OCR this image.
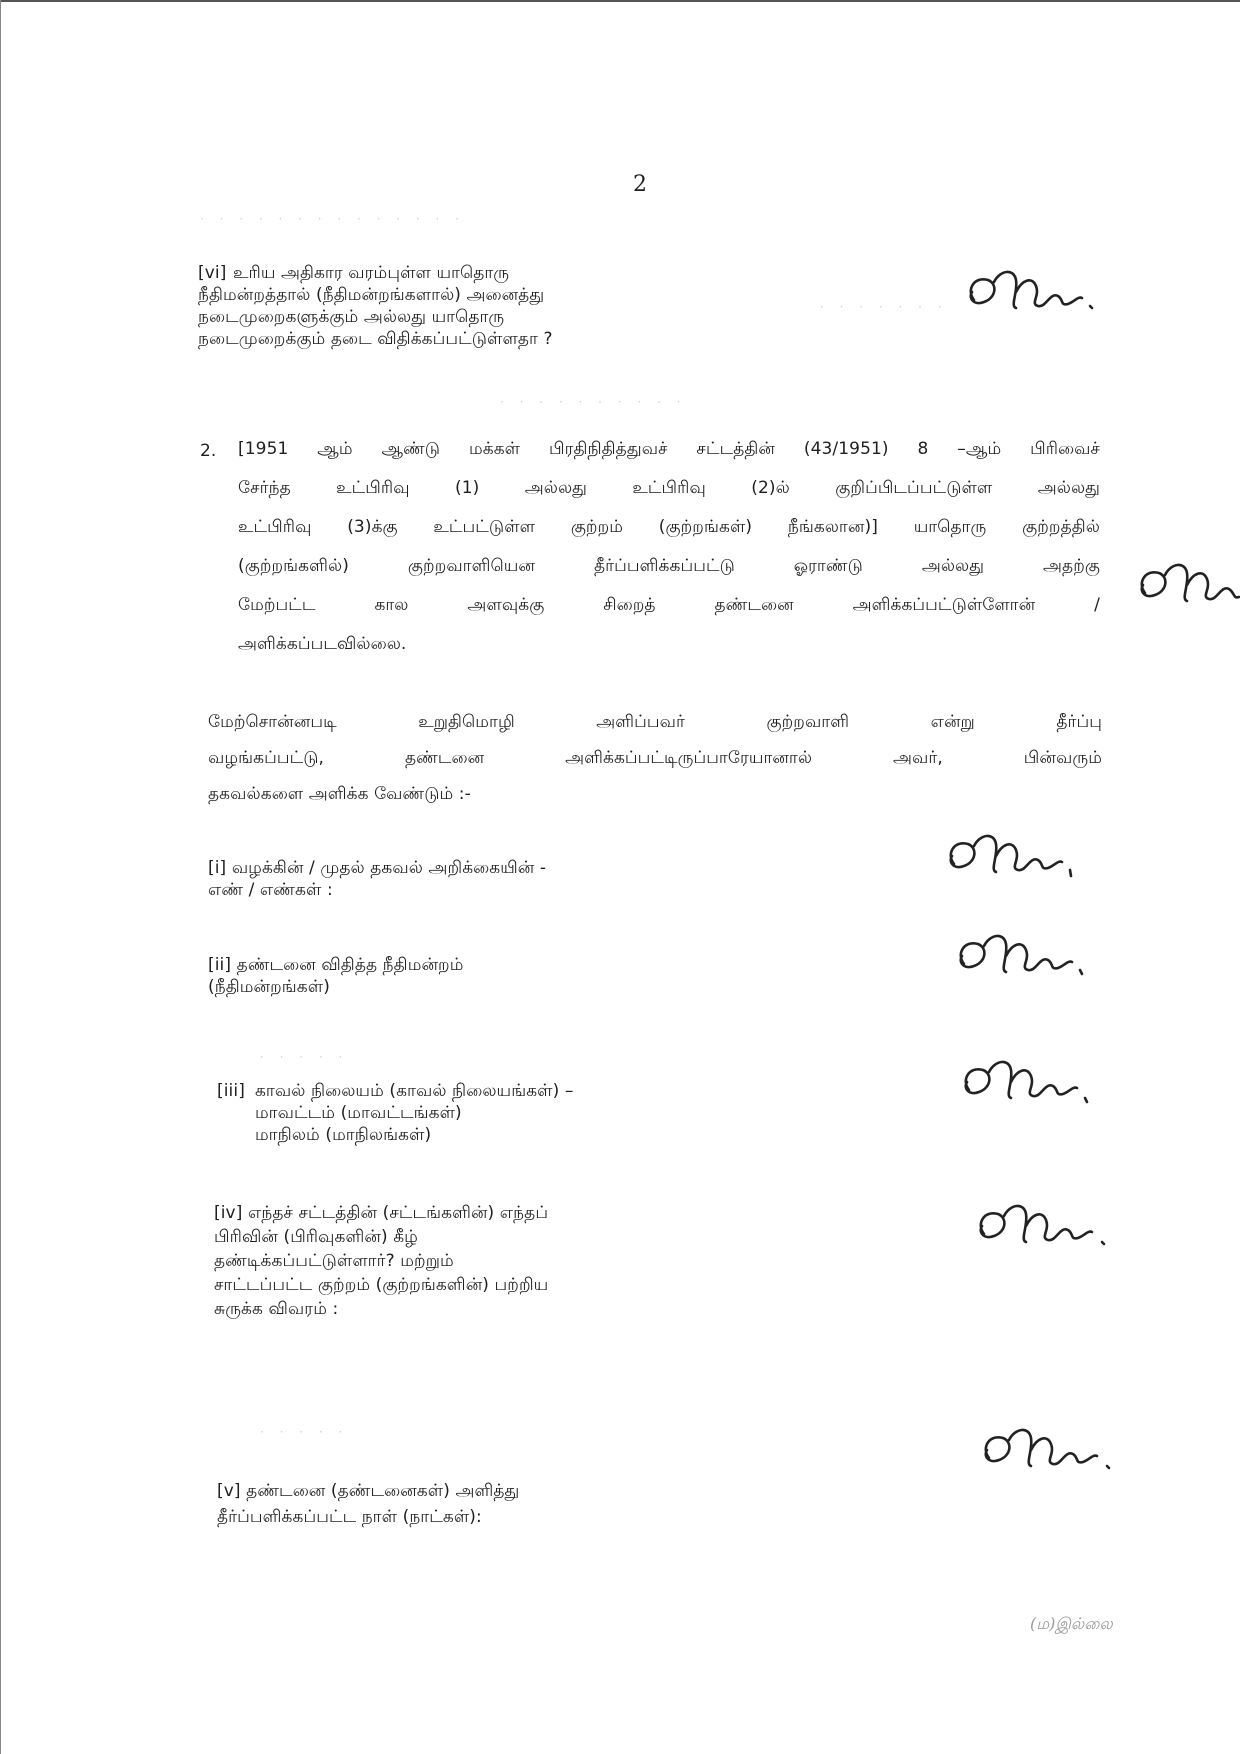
· · · · · · · · · · · · · ·
· · · · · · ·
· · · · · · · · · ·
· · · · ·
· · · · ·
2
[vi] உரிய அதிகார வரம்புள்ள யாதொரு
நீதிமன்றத்தால் (நீதிமன்றங்களால்) அனைத்து
நடைமுறைகளுக்கும் அல்லது யாதொரு
நடைமுறைக்கும் தடை விதிக்கப்பட்டுள்ளதா ?
2. [1951 ஆம் ஆண்டு மக்கள் பிரதிநிதித்துவச் சட்டத்தின் (43/1951) 8 –ஆம் பிரிவைச்
சேர்ந்த உட்பிரிவு (1) அல்லது உட்பிரிவு (2)ல் குறிப்பிடப்பட்டுள்ள அல்லது
உட்பிரிவு (3)க்கு உட்பட்டுள்ள குற்றம் (குற்றங்கள்) நீங்கலான)] யாதொரு குற்றத்தில்
(குற்றங்களில்) குற்றவாளியென தீர்ப்பளிக்கப்பட்டு ஓராண்டு அல்லது அதற்கு
மேற்பட்ட கால அளவுக்கு சிறைத் தண்டனை அளிக்கப்பட்டுள்ளோன் /
அளிக்கப்படவில்லை.
மேற்சொன்னபடி உறுதிமொழி அளிப்பவர் குற்றவாளி என்று தீர்ப்பு
வழங்கப்பட்டு, தண்டனை அளிக்கப்பட்டிருப்பாரேயானால் அவர், பின்வரும்
தகவல்களை அளிக்க வேண்டும் :-
[i] வழக்கின் / முதல் தகவல் அறிக்கையின் -
எண் / எண்கள் :
[ii] தண்டனை விதித்த நீதிமன்றம்
(நீதிமன்றங்கள்)
[iii] காவல் நிலையம் (காவல் நிலையங்கள்) –
மாவட்டம் (மாவட்டங்கள்)
மாநிலம் (மாநிலங்கள்)
[iv] எந்தச் சட்டத்தின் (சட்டங்களின்) எந்தப்
பிரிவின் (பிரிவுகளின்) கீழ்
தண்டிக்கப்பட்டுள்ளார்? மற்றும்
சாட்டப்பட்ட குற்றம் (குற்றங்களின்) பற்றிய
சுருக்க விவரம் :
[v] தண்டனை (தண்டனைகள்) அளித்து
தீர்ப்பளிக்கப்பட்ட நாள் (நாட்கள்):
(ம)இல்லை
